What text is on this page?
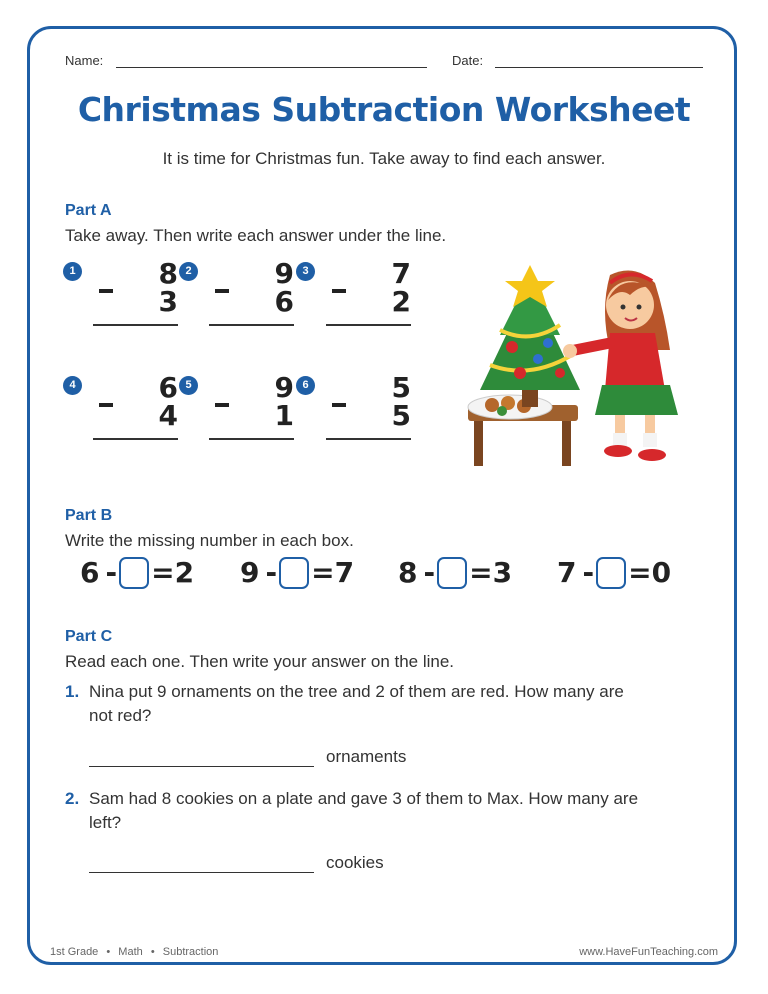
Name:	Date:
Christmas Subtraction Worksheet
It is time for Christmas fun. Take away to find each answer.
Part A
Take away. Then write each answer under the line.
1	8
3
2	9
6
3	7
2
4	6
4
5	9
1
6	5
5
Part B
Write the missing number in each box.
6 - = 2 9 - = 7 8 - = 3 7 - = 0
Part C
Read each one. Then write your answer on the line.
1. Nina put 9 ornaments on the tree and 2 of them are red. How many are
not red?
ornaments
2. Sam had 8 cookies on a plate and gave 3 of them to Max. How many are
left?
cookies
1st Grade • Math • Subtraction	www.HaveFunTeaching.com
